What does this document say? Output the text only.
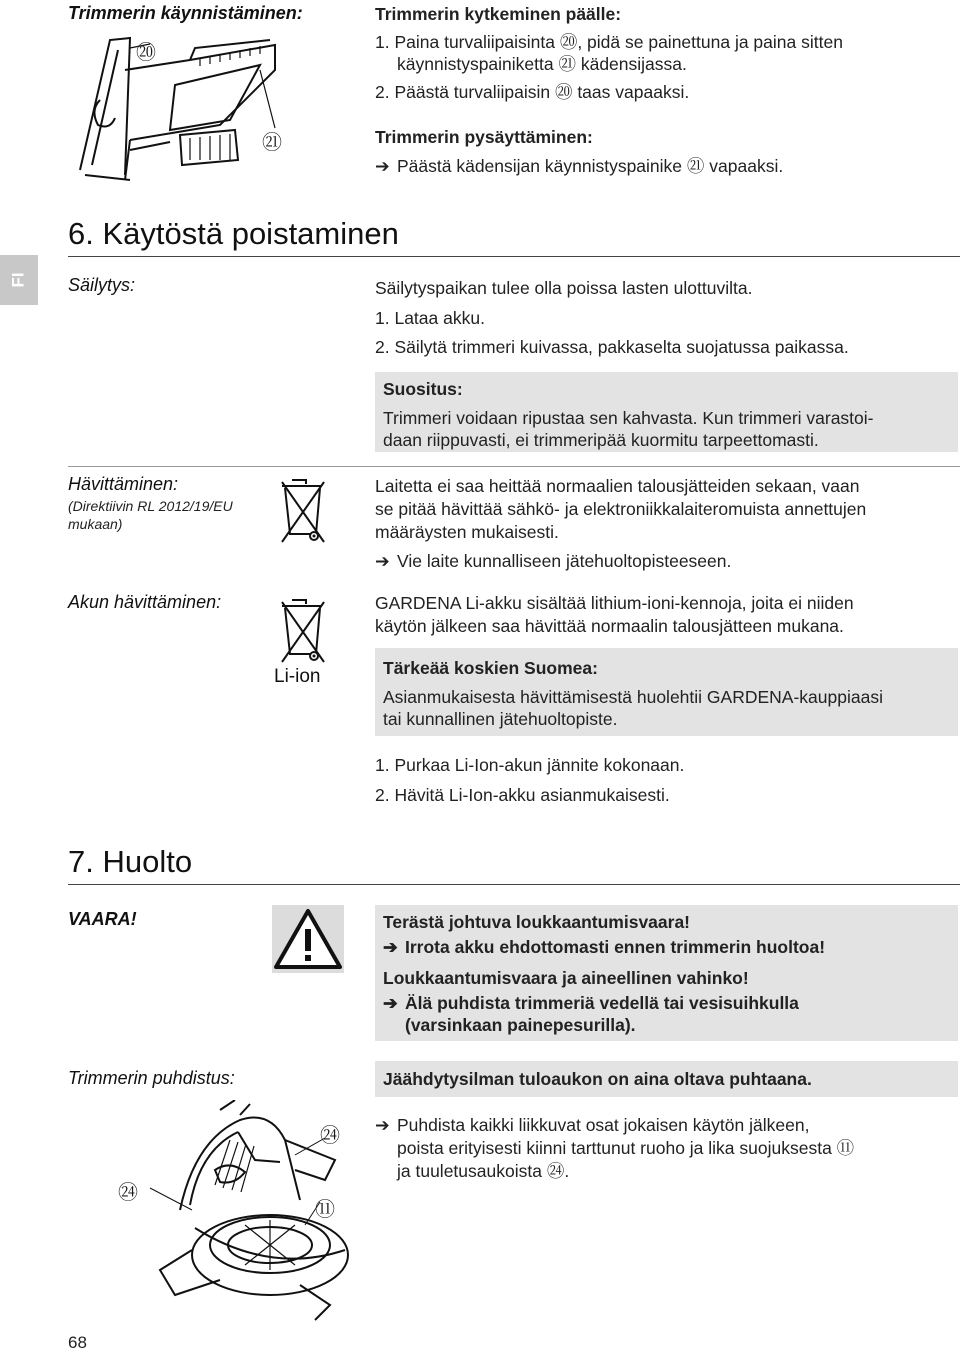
Trimmerin käynnistäminen:
⑳
㉑
Trimmerin kytkeminen päälle:
1. Paina turvaliipaisinta ⑳, pidä se painettuna ja paina sitten
käynnistyspainiketta ㉑ kädensijassa.
2. Päästä turvaliipaisin ⑳ taas vapaaksi.
Trimmerin pysäyttäminen:
➔ Päästä kädensijan käynnistyspainike ㉑ vapaaksi.
FI
6. Käytöstä poistaminen
Säilytys:	Säilytyspaikan tulee olla poissa lasten ulottuvilta.
1. Lataa akku.
2. Säilytä trimmeri kuivassa, pakkaselta suojatussa paikassa.
Suositus:
Trimmeri voidaan ripustaa sen kahvasta. Kun trimmeri varastoi-
daan riippuvasti, ei trimmeripää kuormitu tarpeettomasti.
Hävittäminen:
(Direktiivin RL 2012/19/EU
mukaan)
Laitetta ei saa heittää normaalien talousjätteiden sekaan, vaan
se pitää hävittää sähkö- ja elektroniikkalaiteromuista annettujen
määräysten mukaisesti.
➔ Vie laite kunnalliseen jätehuoltopisteeseen.
Akun hävittäminen:
Li-ion
GARDENA Li-akku sisältää lithium-ioni-kennoja, joita ei niiden
käytön jälkeen saa hävittää normaalin talousjätteen mukana.
Tärkeää koskien Suomea:
Asianmukaisesta hävittämisestä huolehtii GARDENA-kauppiaasi
tai kunnallinen jätehuoltopiste.
1. Purkaa Li-Ion-akun jännite kokonaan.
2. Hävitä Li-Ion-akku asianmukaisesti.
7. Huolto
VAARA!	Terästä johtuva loukkaantumisvaara!
➔ Irrota akku ehdottomasti ennen trimmerin huoltoa!
Loukkaantumisvaara ja aineellinen vahinko!
➔ Älä puhdista trimmeriä vedellä tai vesisuihkulla
(varsinkaan painepesurilla).
Trimmerin puhdistus:	Jäähdytysilman tuloaukon on aina oltava puhtaana.
➔ Puhdista kaikki liikkuvat osat jokaisen käytön jälkeen,
poista erityisesti kiinni tarttunut ruoho ja lika suojuksesta ⑪
ja tuuletusaukoista ㉔.
㉔
㉔
⑪
68
